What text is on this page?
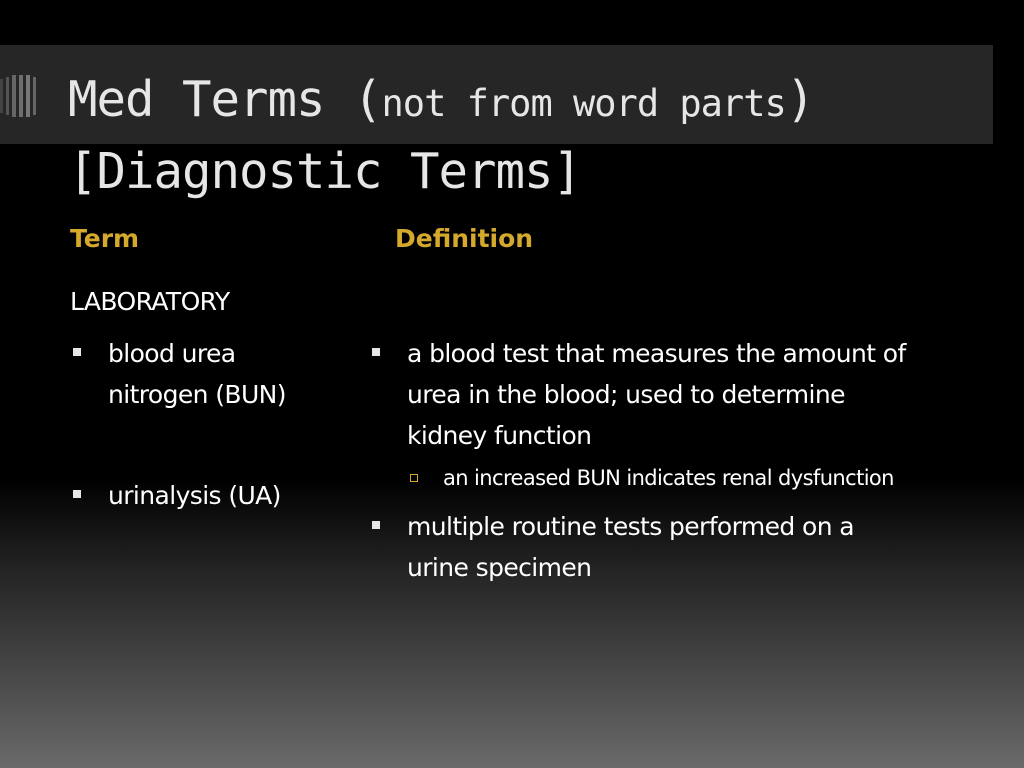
Med Terms (not from word parts)
[Diagnostic Terms]
Term	Definition
LABORATORY
blood urea
nitrogen (BUN)
urinalysis (UA)
a blood test that measures the amount of
urea in the blood; used to determine
kidney function
an increased BUN indicates renal dysfunction
multiple routine tests performed on a
urine specimen
